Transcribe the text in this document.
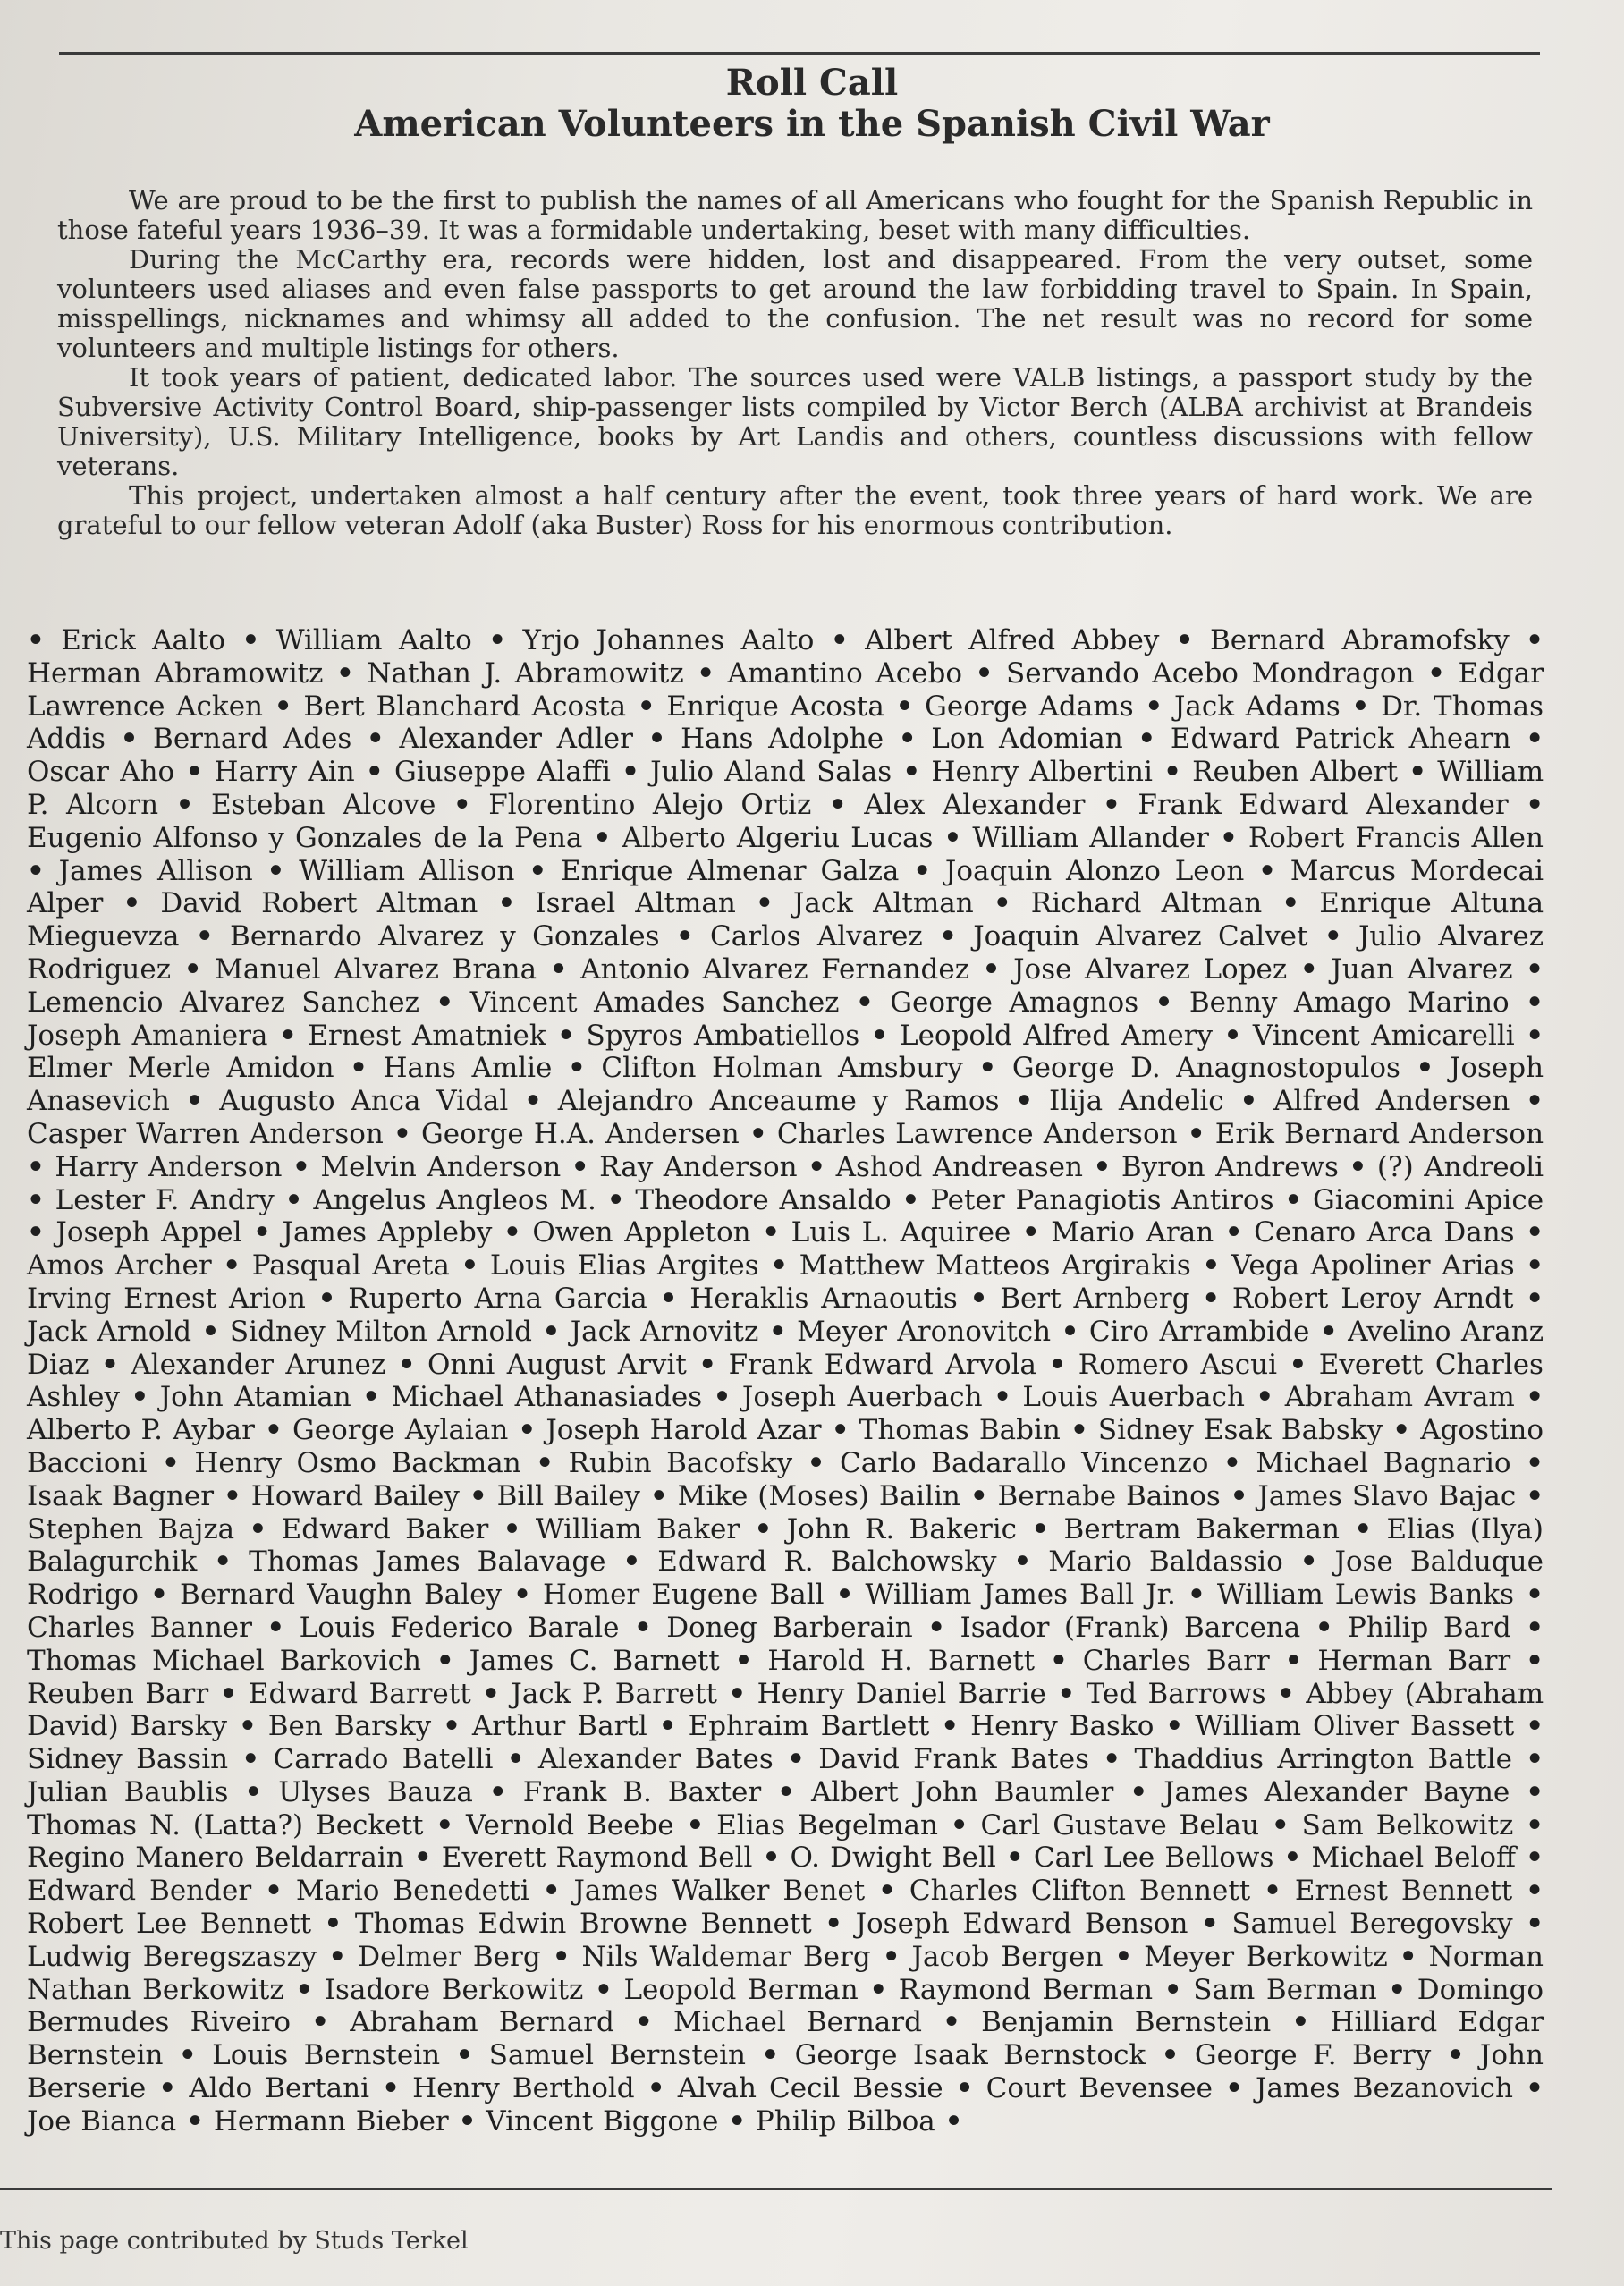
Roll Call
American Volunteers in the Spanish Civil War

We are proud to be the first to publish the names of all Americans who fought for the Spanish Republic in those fateful years 1936–39. It was a formidable undertaking, beset with many difficulties.

During the McCarthy era, records were hidden, lost and disappeared. From the very outset, some volunteers used aliases and even false passports to get around the law forbidding travel to Spain. In Spain, misspellings, nicknames and whimsy all added to the confusion. The net result was no record for some volunteers and multiple listings for others.

It took years of patient, dedicated labor. The sources used were VALB listings, a passport study by the Subversive Activity Control Board, ship-passenger lists compiled by Victor Berch (ALBA archivist at Brandeis University), U.S. Military Intelligence, books by Art Landis and others, countless discussions with fellow veterans.

This project, undertaken almost a half century after the event, took three years of hard work. We are grateful to our fellow veteran Adolf (aka Buster) Ross for his enormous contribution.

• Erick Aalto • William Aalto • Yrjo Johannes Aalto • Albert Alfred Abbey • Bernard Abramofsky • Herman Abramowitz • Nathan J. Abramowitz • Amantino Acebo • Servando Acebo Mondragon • Edgar Lawrence Acken • Bert Blanchard Acosta • Enrique Acosta • George Adams • Jack Adams • Dr. Thomas Addis • Bernard Ades • Alexander Adler • Hans Adolphe • Lon Adomian • Edward Patrick Ahearn • Oscar Aho • Harry Ain • Giuseppe Alaffi • Julio Aland Salas • Henry Albertini • Reuben Albert • William P. Alcorn • Esteban Alcove • Florentino Alejo Ortiz • Alex Alexander • Frank Edward Alexander • Eugenio Alfonso y Gonzales de la Pena • Alberto Algeriu Lucas • William Allander • Robert Francis Allen • James Allison • William Allison • Enrique Almenar Galza • Joaquin Alonzo Leon • Marcus Mordecai Alper • David Robert Altman • Israel Altman • Jack Altman • Richard Altman • Enrique Altuna Mieguevza • Bernardo Alvarez y Gonzales • Carlos Alvarez • Joaquin Alvarez Calvet • Julio Alvarez Rodriguez • Manuel Alvarez Brana • Antonio Alvarez Fernandez • Jose Alvarez Lopez • Juan Alvarez • Lemencio Alvarez Sanchez • Vincent Amades Sanchez • George Amagnos • Benny Amago Marino • Joseph Amaniera • Ernest Amatniek • Spyros Ambatiellos • Leopold Alfred Amery • Vincent Amicarelli • Elmer Merle Amidon • Hans Amlie • Clifton Holman Amsbury • George D. Anagnostopulos • Joseph Anasevich • Augusto Anca Vidal • Alejandro Anceaume y Ramos • Ilija Andelic • Alfred Andersen • Casper Warren Anderson • George H.A. Andersen • Charles Lawrence Anderson • Erik Bernard Anderson • Harry Anderson • Melvin Anderson • Ray Anderson • Ashod Andreasen • Byron Andrews • (?) Andreoli • Lester F. Andry • Angelus Angleos M. • Theodore Ansaldo • Peter Panagiotis Antiros • Giacomini Apice • Joseph Appel • James Appleby • Owen Appleton • Luis L. Aquiree • Mario Aran • Cenaro Arca Dans • Amos Archer • Pasqual Areta • Louis Elias Argites • Matthew Matteos Argirakis • Vega Apoliner Arias • Irving Ernest Arion • Ruperto Arna Garcia • Heraklis Arnaoutis • Bert Arnberg • Robert Leroy Arndt • Jack Arnold • Sidney Milton Arnold • Jack Arnovitz • Meyer Aronovitch • Ciro Arrambide • Avelino Aranz Diaz • Alexander Arunez • Onni August Arvit • Frank Edward Arvola • Romero Ascui • Everett Charles Ashley • John Atamian • Michael Athanasiades • Joseph Auerbach • Louis Auerbach • Abraham Avram • Alberto P. Aybar • George Aylaian • Joseph Harold Azar • Thomas Babin • Sidney Esak Babsky • Agostino Baccioni • Henry Osmo Backman • Rubin Bacofsky • Carlo Badarallo Vincenzo • Michael Bagnario • Isaak Bagner • Howard Bailey • Bill Bailey • Mike (Moses) Bailin • Bernabe Bainos • James Slavo Bajac • Stephen Bajza • Edward Baker • William Baker • John R. Bakeric • Bertram Bakerman • Elias (Ilya) Balagurchik • Thomas James Balavage • Edward R. Balchowsky • Mario Baldassio • Jose Balduque Rodrigo • Bernard Vaughn Baley • Homer Eugene Ball • William James Ball Jr. • William Lewis Banks • Charles Banner • Louis Federico Barale • Doneg Barberain • Isador (Frank) Barcena • Philip Bard • Thomas Michael Barkovich • James C. Barnett • Harold H. Barnett • Charles Barr • Herman Barr • Reuben Barr • Edward Barrett • Jack P. Barrett • Henry Daniel Barrie • Ted Barrows • Abbey (Abraham David) Barsky • Ben Barsky • Arthur Bartl • Ephraim Bartlett • Henry Basko • William Oliver Bassett • Sidney Bassin • Carrado Batelli • Alexander Bates • David Frank Bates • Thaddius Arrington Battle • Julian Baublis • Ulyses Bauza • Frank B. Baxter • Albert John Baumler • James Alexander Bayne • Thomas N. (Latta?) Beckett • Vernold Beebe • Elias Begelman • Carl Gustave Belau • Sam Belkowitz • Regino Manero Beldarrain • Everett Raymond Bell • O. Dwight Bell • Carl Lee Bellows • Michael Beloff • Edward Bender • Mario Benedetti • James Walker Benet • Charles Clifton Bennett • Ernest Bennett • Robert Lee Bennett • Thomas Edwin Browne Bennett • Joseph Edward Benson • Samuel Beregovsky • Ludwig Beregszaszy • Delmer Berg • Nils Waldemar Berg • Jacob Bergen • Meyer Berkowitz • Norman Nathan Berkowitz • Isadore Berkowitz • Leopold Berman • Raymond Berman • Sam Berman • Domingo Bermudes Riveiro • Abraham Bernard • Michael Bernard • Benjamin Bernstein • Hilliard Edgar Bernstein • Louis Bernstein • Samuel Bernstein • George Isaak Bernstock • George F. Berry • John Berserie • Aldo Bertani • Henry Berthold • Alvah Cecil Bessie • Court Bevensee • James Bezanovich • Joe Bianca • Hermann Bieber • Vincent Biggone • Philip Bilboa •
This page contributed by Studs Terkel
